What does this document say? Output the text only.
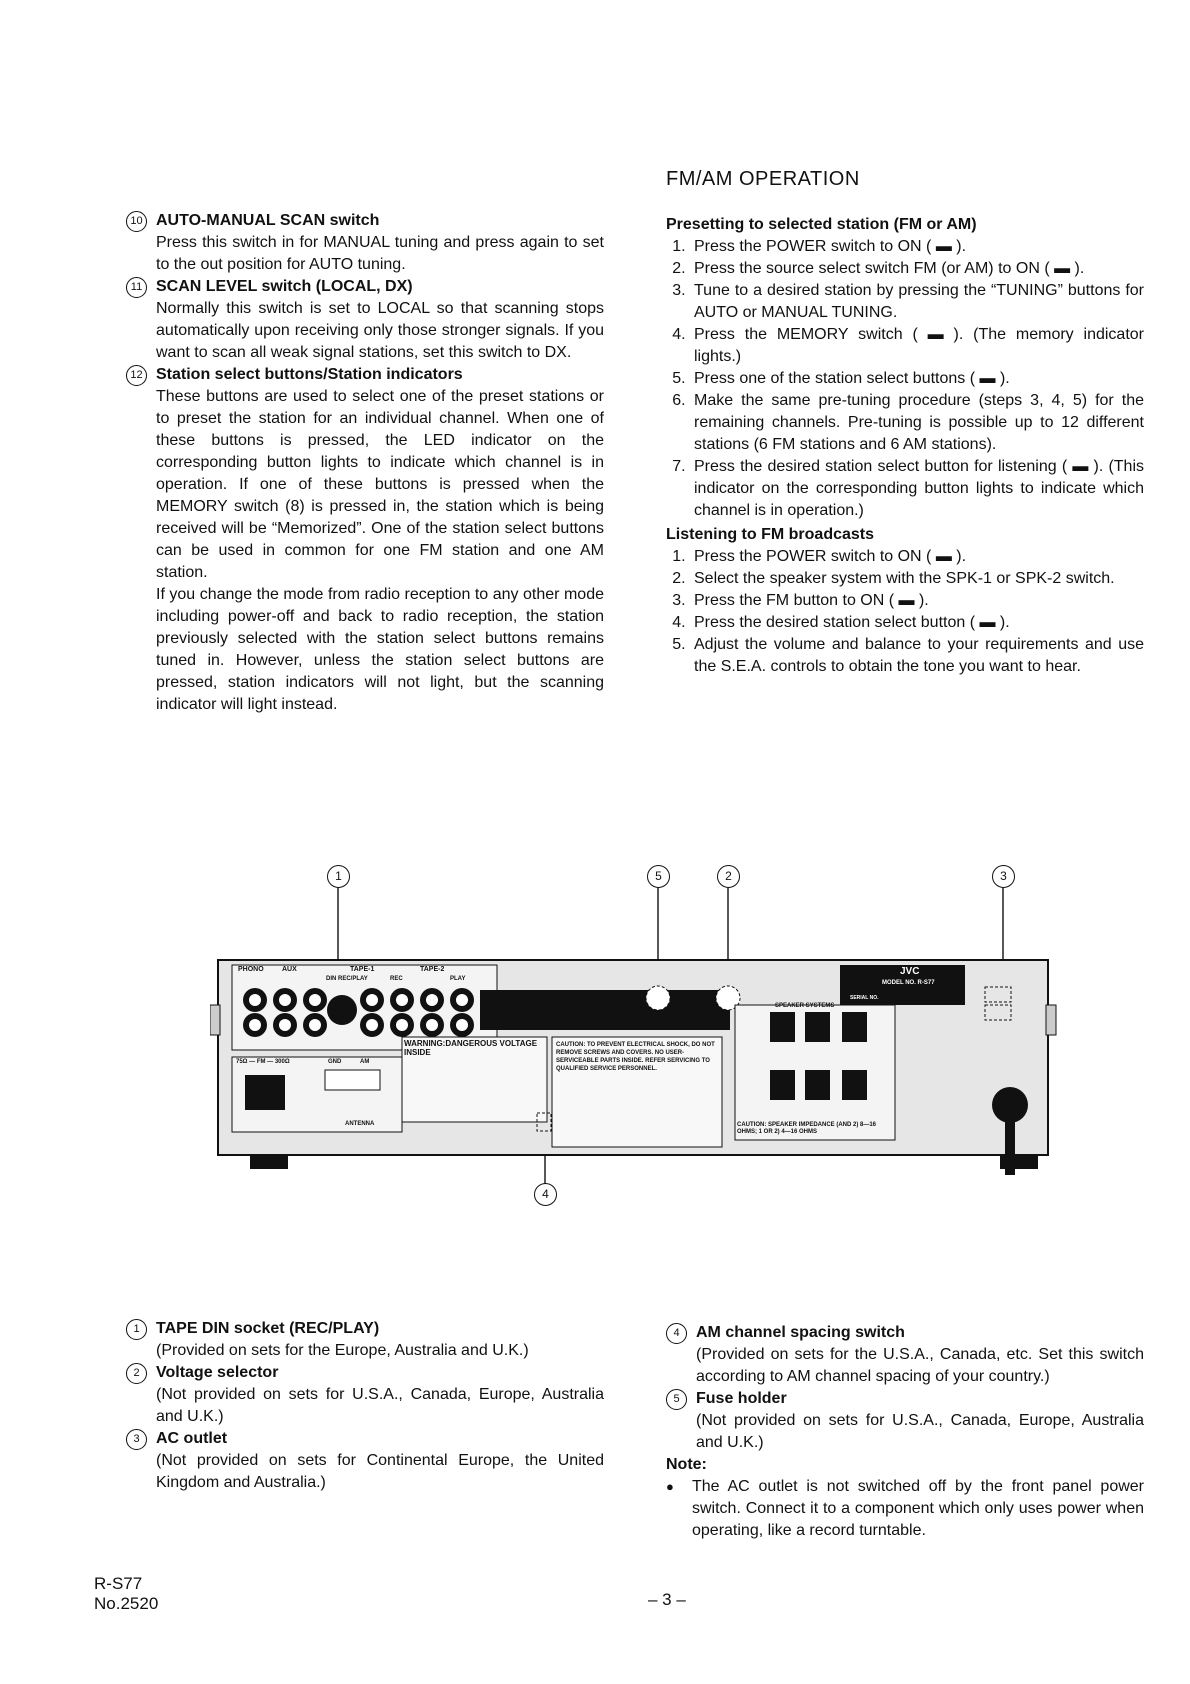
10 AUTO-MANUAL SCAN switch

Press this switch in for MANUAL tuning and press again to set to the out position for AUTO tuning.

11 SCAN LEVEL switch (LOCAL, DX)

Normally this switch is set to LOCAL so that scanning stops automatically upon receiving only those stronger signals. If you want to scan all weak signal stations, set this switch to DX.

12 Station select buttons/Station indicators

These buttons are used to select one of the preset stations or to preset the station for an individual channel. When one of these buttons is pressed, the LED indicator on the corresponding button lights to indicate which channel is in operation. If one of these buttons is pressed when the MEMORY switch (8) is pressed in, the station which is being received will be “Memorized”. One of the station select buttons can be used in common for one FM station and one AM station.

If you change the mode from radio reception to any other mode including power-off and back to radio reception, the station previously selected with the station select buttons remains tuned in. However, unless the station select buttons are pressed, station indicators will not light, but the scanning indicator will light instead.

FM/AM OPERATION
Presetting to selected station (FM or AM)
1. Press the POWER switch to ON ( ▬ ).
2. Press the source select switch FM (or AM) to ON ( ▬ ).
3. Tune to a desired station by pressing the “TUNING” buttons for AUTO or MANUAL TUNING.
4. Press the MEMORY switch ( ▬ ). (The memory indicator lights.)
5. Press one of the station select buttons ( ▬ ).
6. Make the same pre-tuning procedure (steps 3, 4, 5) for the remaining channels. Pre-tuning is possible up to 12 different stations (6 FM stations and 6 AM stations).
7. Press the desired station select button for listening ( ▬ ). (This indicator on the corresponding button lights to indicate which channel is in operation.)
Listening to FM broadcasts
1. Press the POWER switch to ON ( ▬ ).
2. Select the speaker system with the SPK-1 or SPK-2 switch.
3. Press the FM button to ON ( ▬ ).
4. Press the desired station select button ( ▬ ).
5. Adjust the volume and balance to your requirements and use the S.E.A. controls to obtain the tone you want to hear.
PHONO	AUX	TAPE-1	TAPE-2
DIN REC/PLAY	REC	PLAY
75Ω — FM — 300Ω	GND	AM
ANTENNA
WARNING:DANGEROUS VOLTAGE INSIDE
CAUTION: TO PREVENT ELECTRICAL SHOCK, DO NOT REMOVE SCREWS AND COVERS. NO USER-SERVICEABLE PARTS INSIDE. REFER SERVICING TO QUALIFIED SERVICE PERSONNEL.
SPEAKER SYSTEMS
JVC
MODEL NO. R-S77
SERIAL NO.
CAUTION: SPEAKER IMPEDANCE (AND 2) 8—16 OHMS; 1 OR 2) 4—16 OHMS
1	5	2	3
4
1	TAPE DIN socket (REC/PLAY)
(Provided on sets for the Europe, Australia and U.K.)
2	Voltage selector
(Not provided on sets for U.S.A., Canada, Europe, Australia and U.K.)
3	AC outlet
(Not provided on sets for Continental Europe, the United Kingdom and Australia.)
4	AM channel spacing switch
(Provided on sets for the U.S.A., Canada, etc. Set this switch according to AM channel spacing of your country.)
5	Fuse holder
(Not provided on sets for U.S.A., Canada, Europe, Australia and U.K.)
Note:
● The AC outlet is not switched off by the front panel power switch. Connect it to a component which only uses power when operating, like a record turntable.
R-S77
No.2520	– 3 –
